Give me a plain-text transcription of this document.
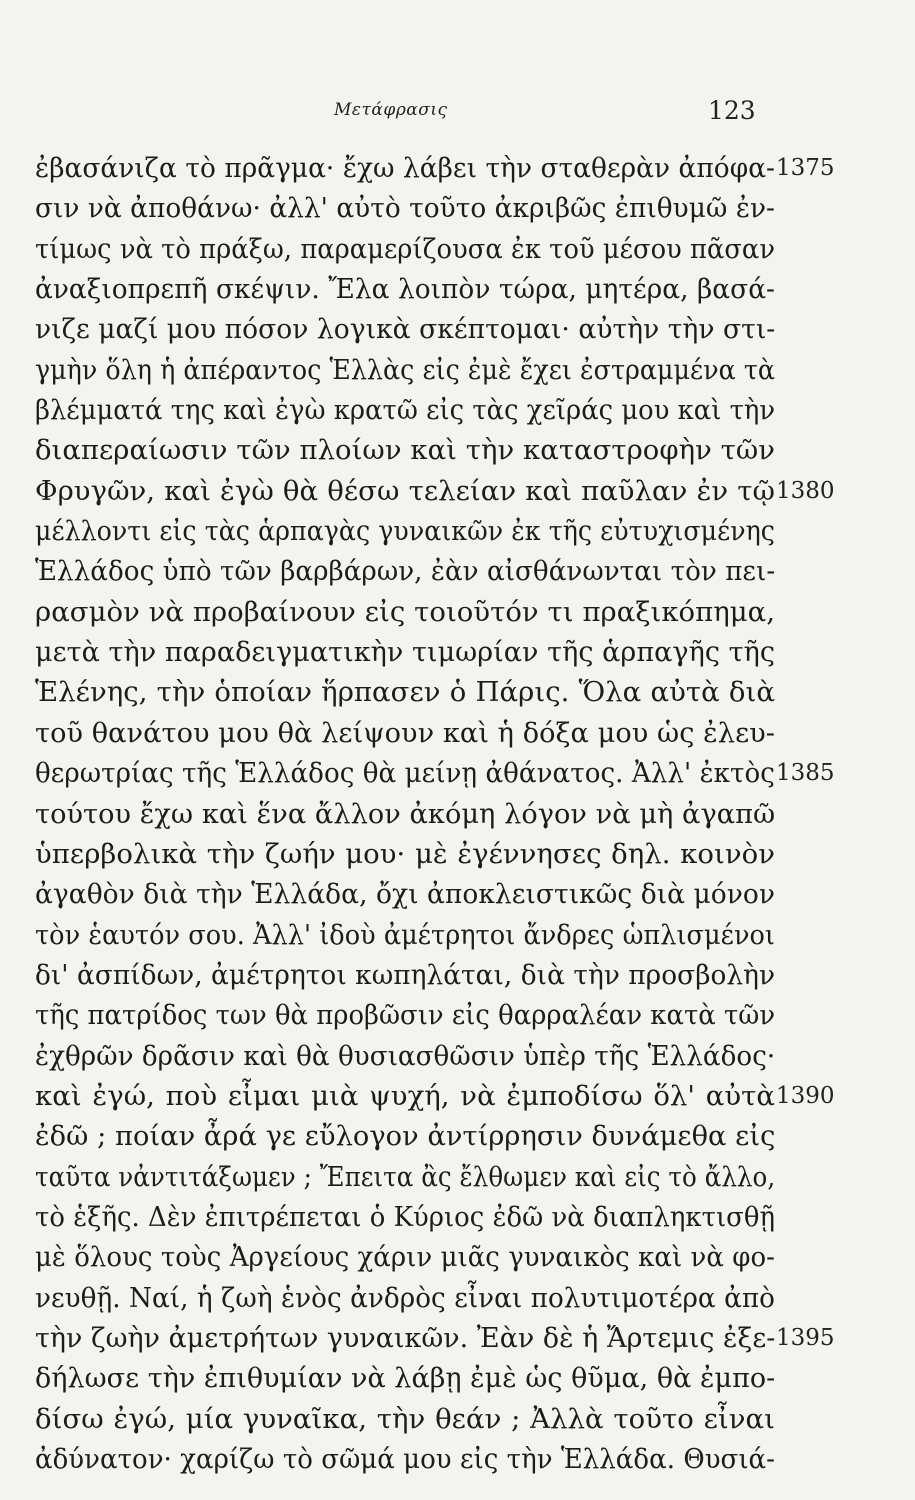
Μετάφρασις	123
ἐβασάνιζα τὸ πρᾶγμα· ἔχω λάβει τὴν σταθερὰν ἀπόφα-
σιν νὰ ἀποθάνω· ἀλλ' αὐτὸ τοῦτο ἀκριβῶς ἐπιθυμῶ ἐν-
τίμως νὰ τὸ πράξω, παραμερίζουσα ἐκ τοῦ μέσου πᾶσαν
ἀναξιοπρεπῆ σκέψιν. Ἔλα λοιπὸν τώρα, μητέρα, βασά-
νιζε μαζί μου πόσον λογικὰ σκέπτομαι· αὐτὴν τὴν στι-
γμὴν ὅλη ἡ ἀπέραντος Ἑλλὰς εἰς ἐμὲ ἔχει ἐστραμμένα τὰ
βλέμματά της καὶ ἐγὼ κρατῶ εἰς τὰς χεῖράς μου καὶ τὴν
διαπεραίωσιν τῶν πλοίων καὶ τὴν καταστροφὴν τῶν
Φρυγῶν, καὶ ἐγὼ θὰ θέσω τελείαν καὶ παῦλαν ἐν τῷ
μέλλοντι εἰς τὰς ἁρπαγὰς γυναικῶν ἐκ τῆς εὐτυχισμένης
Ἑλλάδος ὑπὸ τῶν βαρβάρων, ἐὰν αἰσθάνωνται τὸν πει-
ρασμὸν νὰ προβαίνουν εἰς τοιοῦτόν τι πραξικόπημα,
μετὰ τὴν παραδειγματικὴν τιμωρίαν τῆς ἁρπαγῆς τῆς
Ἑλένης, τὴν ὁποίαν ἥρπασεν ὁ Πάρις. Ὅλα αὐτὰ διὰ
τοῦ θανάτου μου θὰ λείψουν καὶ ἡ δόξα μου ὡς ἐλευ-
θερωτρίας τῆς Ἑλλάδος θὰ μείνῃ ἀθάνατος. Ἀλλ' ἐκτὸς
τούτου ἔχω καὶ ἕνα ἄλλον ἀκόμη λόγον νὰ μὴ ἀγαπῶ
ὑπερβολικὰ τὴν ζωήν μου· μὲ ἐγέννησες δηλ. κοινὸν
ἀγαθὸν διὰ τὴν Ἑλλάδα, ὄχι ἀποκλειστικῶς διὰ μόνον
τὸν ἑαυτόν σου. Ἀλλ' ἰδοὺ ἀμέτρητοι ἄνδρες ὡπλισμένοι
δι' ἀσπίδων, ἀμέτρητοι κωπηλάται, διὰ τὴν προσβολὴν
τῆς πατρίδος των θὰ προβῶσιν εἰς θαρραλέαν κατὰ τῶν
ἐχθρῶν δρᾶσιν καὶ θὰ θυσιασθῶσιν ὑπὲρ τῆς Ἑλλάδος·
καὶ ἐγώ, ποὺ εἶμαι μιὰ ψυχή, νὰ ἐμποδίσω ὅλ' αὐτὰ
ἐδῶ ; ποίαν ἆρά γε εὔλογον ἀντίρρησιν δυνάμεθα εἰς
ταῦτα νἀντιτάξωμεν ; Ἔπειτα ἂς ἔλθωμεν καὶ εἰς τὸ ἄλλο,
τὸ ἑξῆς. Δὲν ἐπιτρέπεται ὁ Κύριος ἐδῶ νὰ διαπληκτισθῇ
μὲ ὅλους τοὺς Ἀργείους χάριν μιᾶς γυναικὸς καὶ νὰ φο-
νευθῇ. Ναί, ἡ ζωὴ ἑνὸς ἀνδρὸς εἶναι πολυτιμοτέρα ἀπὸ
τὴν ζωὴν ἀμετρήτων γυναικῶν. Ἐὰν δὲ ἡ Ἄρτεμις ἐξε-
δήλωσε τὴν ἐπιθυμίαν νὰ λάβῃ ἐμὲ ὡς θῦμα, θὰ ἐμπο-
δίσω ἐγώ, μία γυναῖκα, τὴν θεάν ; Ἀλλὰ τοῦτο εἶναι
ἀδύνατον· χαρίζω τὸ σῶμά μου εἰς τὴν Ἑλλάδα. Θυσιά-
1375
1380
1385
1390
1395
